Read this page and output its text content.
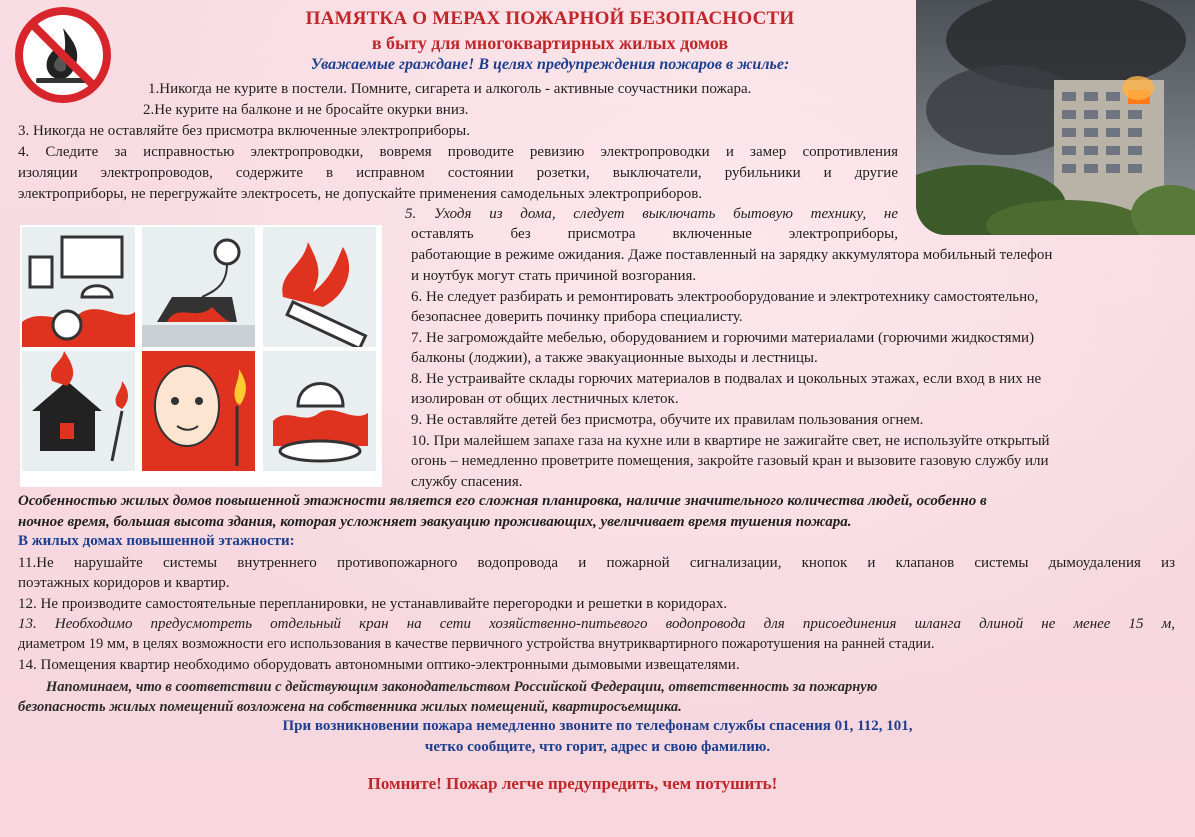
ПАМЯТКА О МЕРАХ ПОЖАРНОЙ БЕЗОПАСНОСТИ
в быту для многоквартирных жилых домов
Уважаемые граждане! В целях предупреждения пожаров в жилье:
1.Никогда не курите в постели. Помните, сигарета и алкоголь - активные соучастники пожара.
2.Не курите на балконе и не бросайте окурки вниз.
3. Никогда не оставляйте без присмотра включенные электроприборы.
4. Следите за исправностью электропроводки, вовремя проводите ревизию электропроводки и замер сопротивления
изоляции электропроводов, содержите в исправном состоянии розетки, выключатели, рубильники и другие
электроприборы, не перегружайте электросеть, не допускайте применения самодельных электроприборов.
5. Уходя из дома, следует выключать бытовую технику, не
оставлять без присмотра включенные электроприборы,
работающие в режиме ожидания. Даже поставленный на зарядку аккумулятора мобильный телефон
и ноутбук могут стать причиной возгорания.
6. Не следует разбирать и ремонтировать электрооборудование и электротехнику самостоятельно,
безопаснее доверить починку прибора специалисту.
7. Не загромождайте мебелью, оборудованием и горючими материалами (горючими жидкостями)
балконы (лоджии), а также эвакуационные выходы и лестницы.
8. Не устраивайте склады горючих материалов в подвалах и цокольных этажах, если вход в них не
изолирован от общих лестничных клеток.
9. Не оставляйте детей без присмотра, обучите их правилам пользования огнем.
10. При малейшем запахе газа на кухне или в квартире не зажигайте свет, не используйте открытый
огонь – немедленно проветрите помещения, закройте газовый кран и вызовите газовую службу или
службу спасения.
Особенностью жилых домов повышенной этажности является его сложная планировка, наличие значительного количества людей, особенно в
ночное время, большая высота здания, которая усложняет эвакуацию проживающих, увеличивает время тушения пожара.
В жилых домах повышенной этажности:
11.Не нарушайте системы внутреннего противопожарного водопровода и пожарной сигнализации, кнопок и клапанов системы дымоудаления из
поэтажных коридоров и квартир.
12. Не производите самостоятельные перепланировки, не устанавливайте перегородки и решетки в коридорах.
13. Необходимо предусмотреть отдельный кран на сети хозяйственно-питьевого водопровода для присоединения шланга длиной не менее 15 м,
диаметром 19 мм, в целях возможности его использования в качестве первичного устройства внутриквартирного пожаротушения на ранней стадии.
14. Помещения квартир необходимо оборудовать автономными оптико-электронными дымовыми извещателями.
Напоминаем, что в соответствии с действующим законодательством Российской Федерации, ответственность за пожарную
безопасность жилых помещений возложена на собственника жилых помещений, квартиросъемщика.
При возникновении пожара немедленно звоните по телефонам службы спасения 01, 112, 101,
четко сообщите, что горит, адрес и свою фамилию.
Помните! Пожар легче предупредить, чем потушить!
